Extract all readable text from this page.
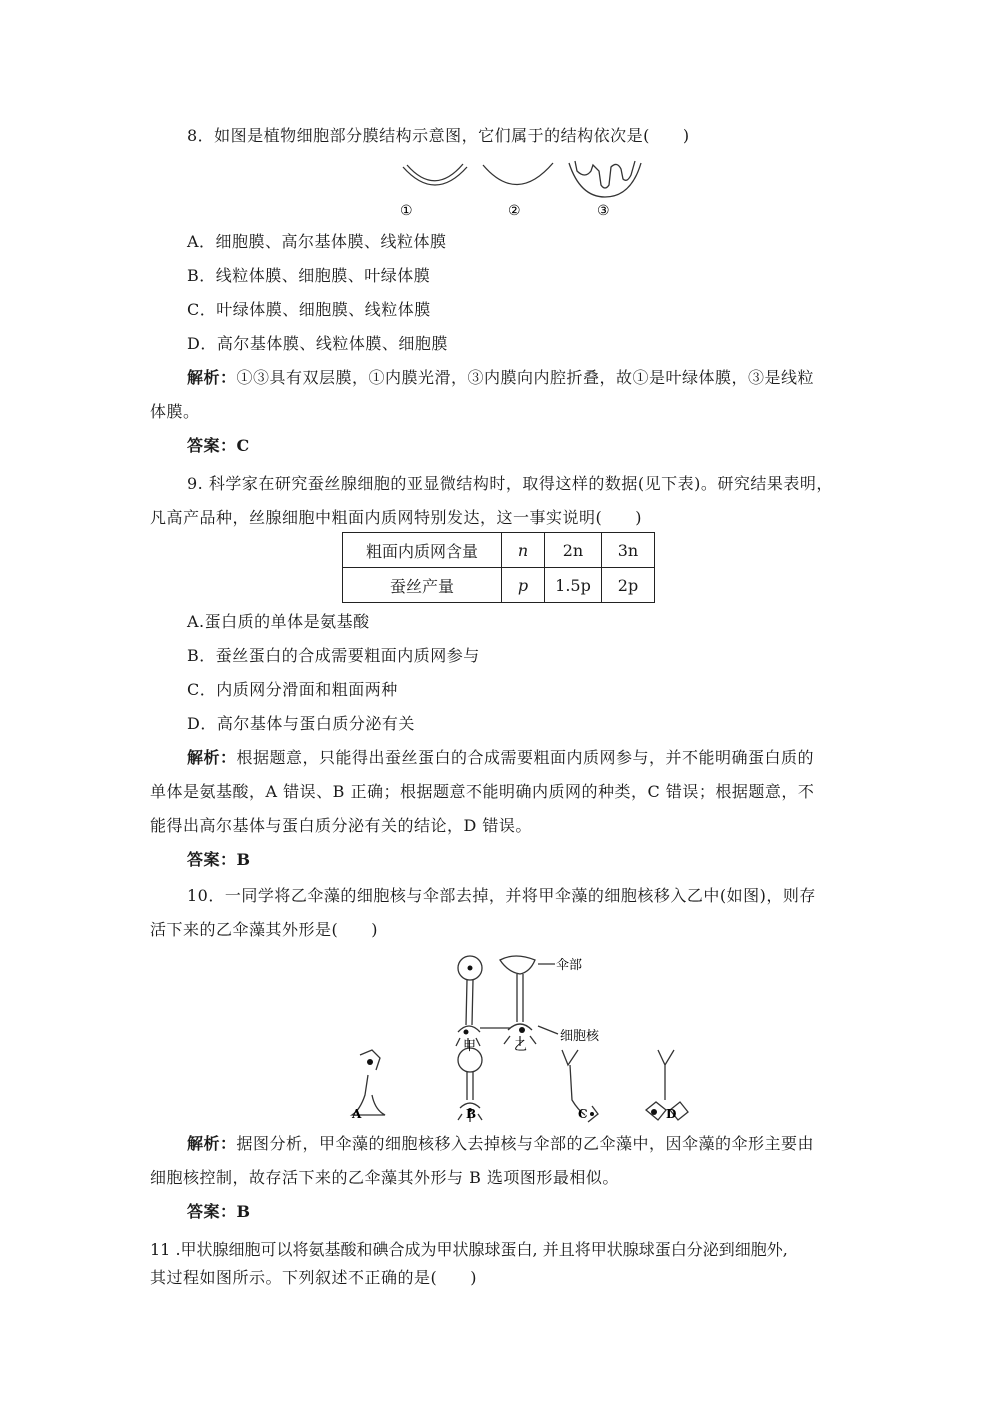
8．如图是植物细胞部分膜结构示意图，它们属于的结构依次是(　　)
①	②	③
A．细胞膜、高尔基体膜、线粒体膜
B．线粒体膜、细胞膜、叶绿体膜
C．叶绿体膜、细胞膜、线粒体膜
D．高尔基体膜、线粒体膜、细胞膜
解析：①③具有双层膜，①内膜光滑，③内膜向内腔折叠，故①是叶绿体膜，③是线粒
体膜。
答案：C
9. 科学家在研究蚕丝腺细胞的亚显微结构时，取得这样的数据(见下表)。研究结果表明，
凡高产品种，丝腺细胞中粗面内质网特别发达，这一事实说明(　　)
粗面内质网含量	n	2n	3n
蚕丝产量	p	1.5p	2p
A.蛋白质的单体是氨基酸
B．蚕丝蛋白的合成需要粗面内质网参与
C．内质网分滑面和粗面两种
D．高尔基体与蛋白质分泌有关
解析：根据题意，只能得出蚕丝蛋白的合成需要粗面内质网参与，并不能明确蛋白质的
单体是氨基酸，A 错误、B 正确；根据题意不能明确内质网的种类，C 错误；根据题意，不
能得出高尔基体与蛋白质分泌有关的结论，D 错误。
答案：B
10．一同学将乙伞藻的细胞核与伞部去掉，并将甲伞藻的细胞核移入乙中(如图)，则存
活下来的乙伞藻其外形是(　　)
伞部
细胞核
甲	乙
A	B	C	D
解析：据图分析，甲伞藻的细胞核移入去掉核与伞部的乙伞藻中，因伞藻的伞形主要由
细胞核控制，故存活下来的乙伞藻其外形与 B 选项图形最相似。
答案：B
11 .甲状腺细胞可以将氨基酸和碘合成为甲状腺球蛋白, 并且将甲状腺球蛋白分泌到细胞外,
其过程如图所示。下列叙述不正确的是(　　)
